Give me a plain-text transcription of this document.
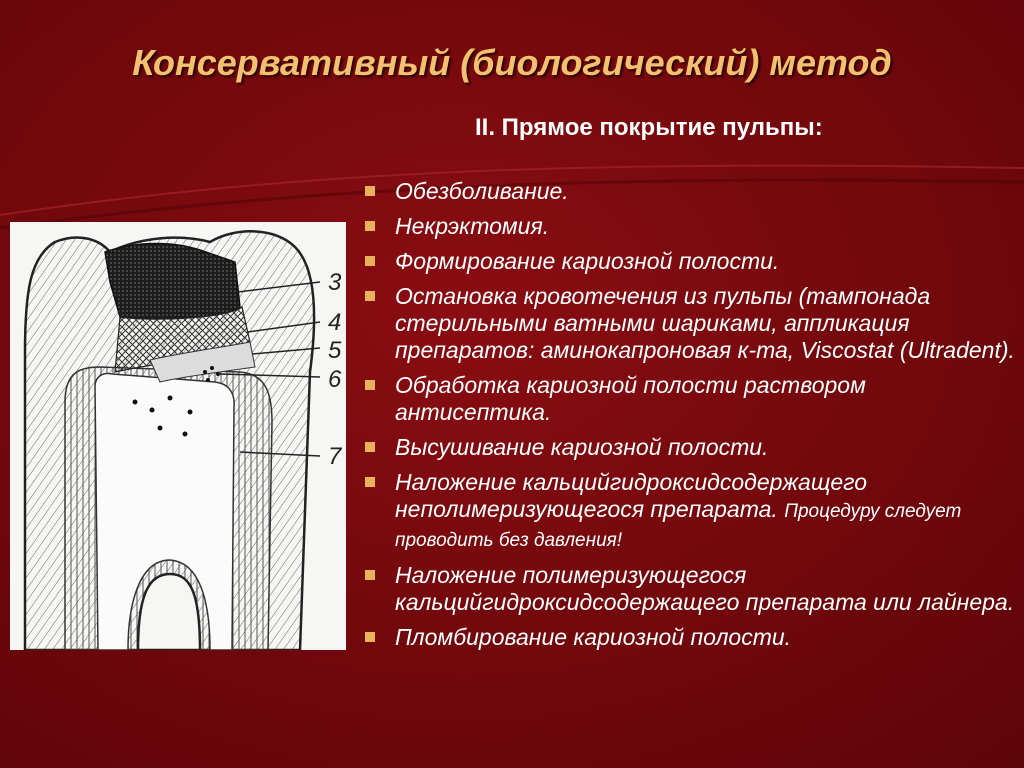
Консервативный (биологический) метод
II. Прямое покрытие пульпы:
3
4
5
6
7
Обезболивание.
Некрэктомия.
Формирование кариозной полости.
Остановка кровотечения из пульпы (тампонада стерильными ватными шариками, аппликация препаратов: аминокапроновая к-та, Viscostat (Ultradent).
Обработка кариозной полости раствором антисептика.
Высушивание кариозной полости.
Наложение кальцийгидроксидсодержащего неполимеризующегося препарата. Процедуру следует проводить без давления!
Наложение полимеризующегося кальцийгидроксидсодержащего препарата или лайнера.
Пломбирование кариозной полости.
